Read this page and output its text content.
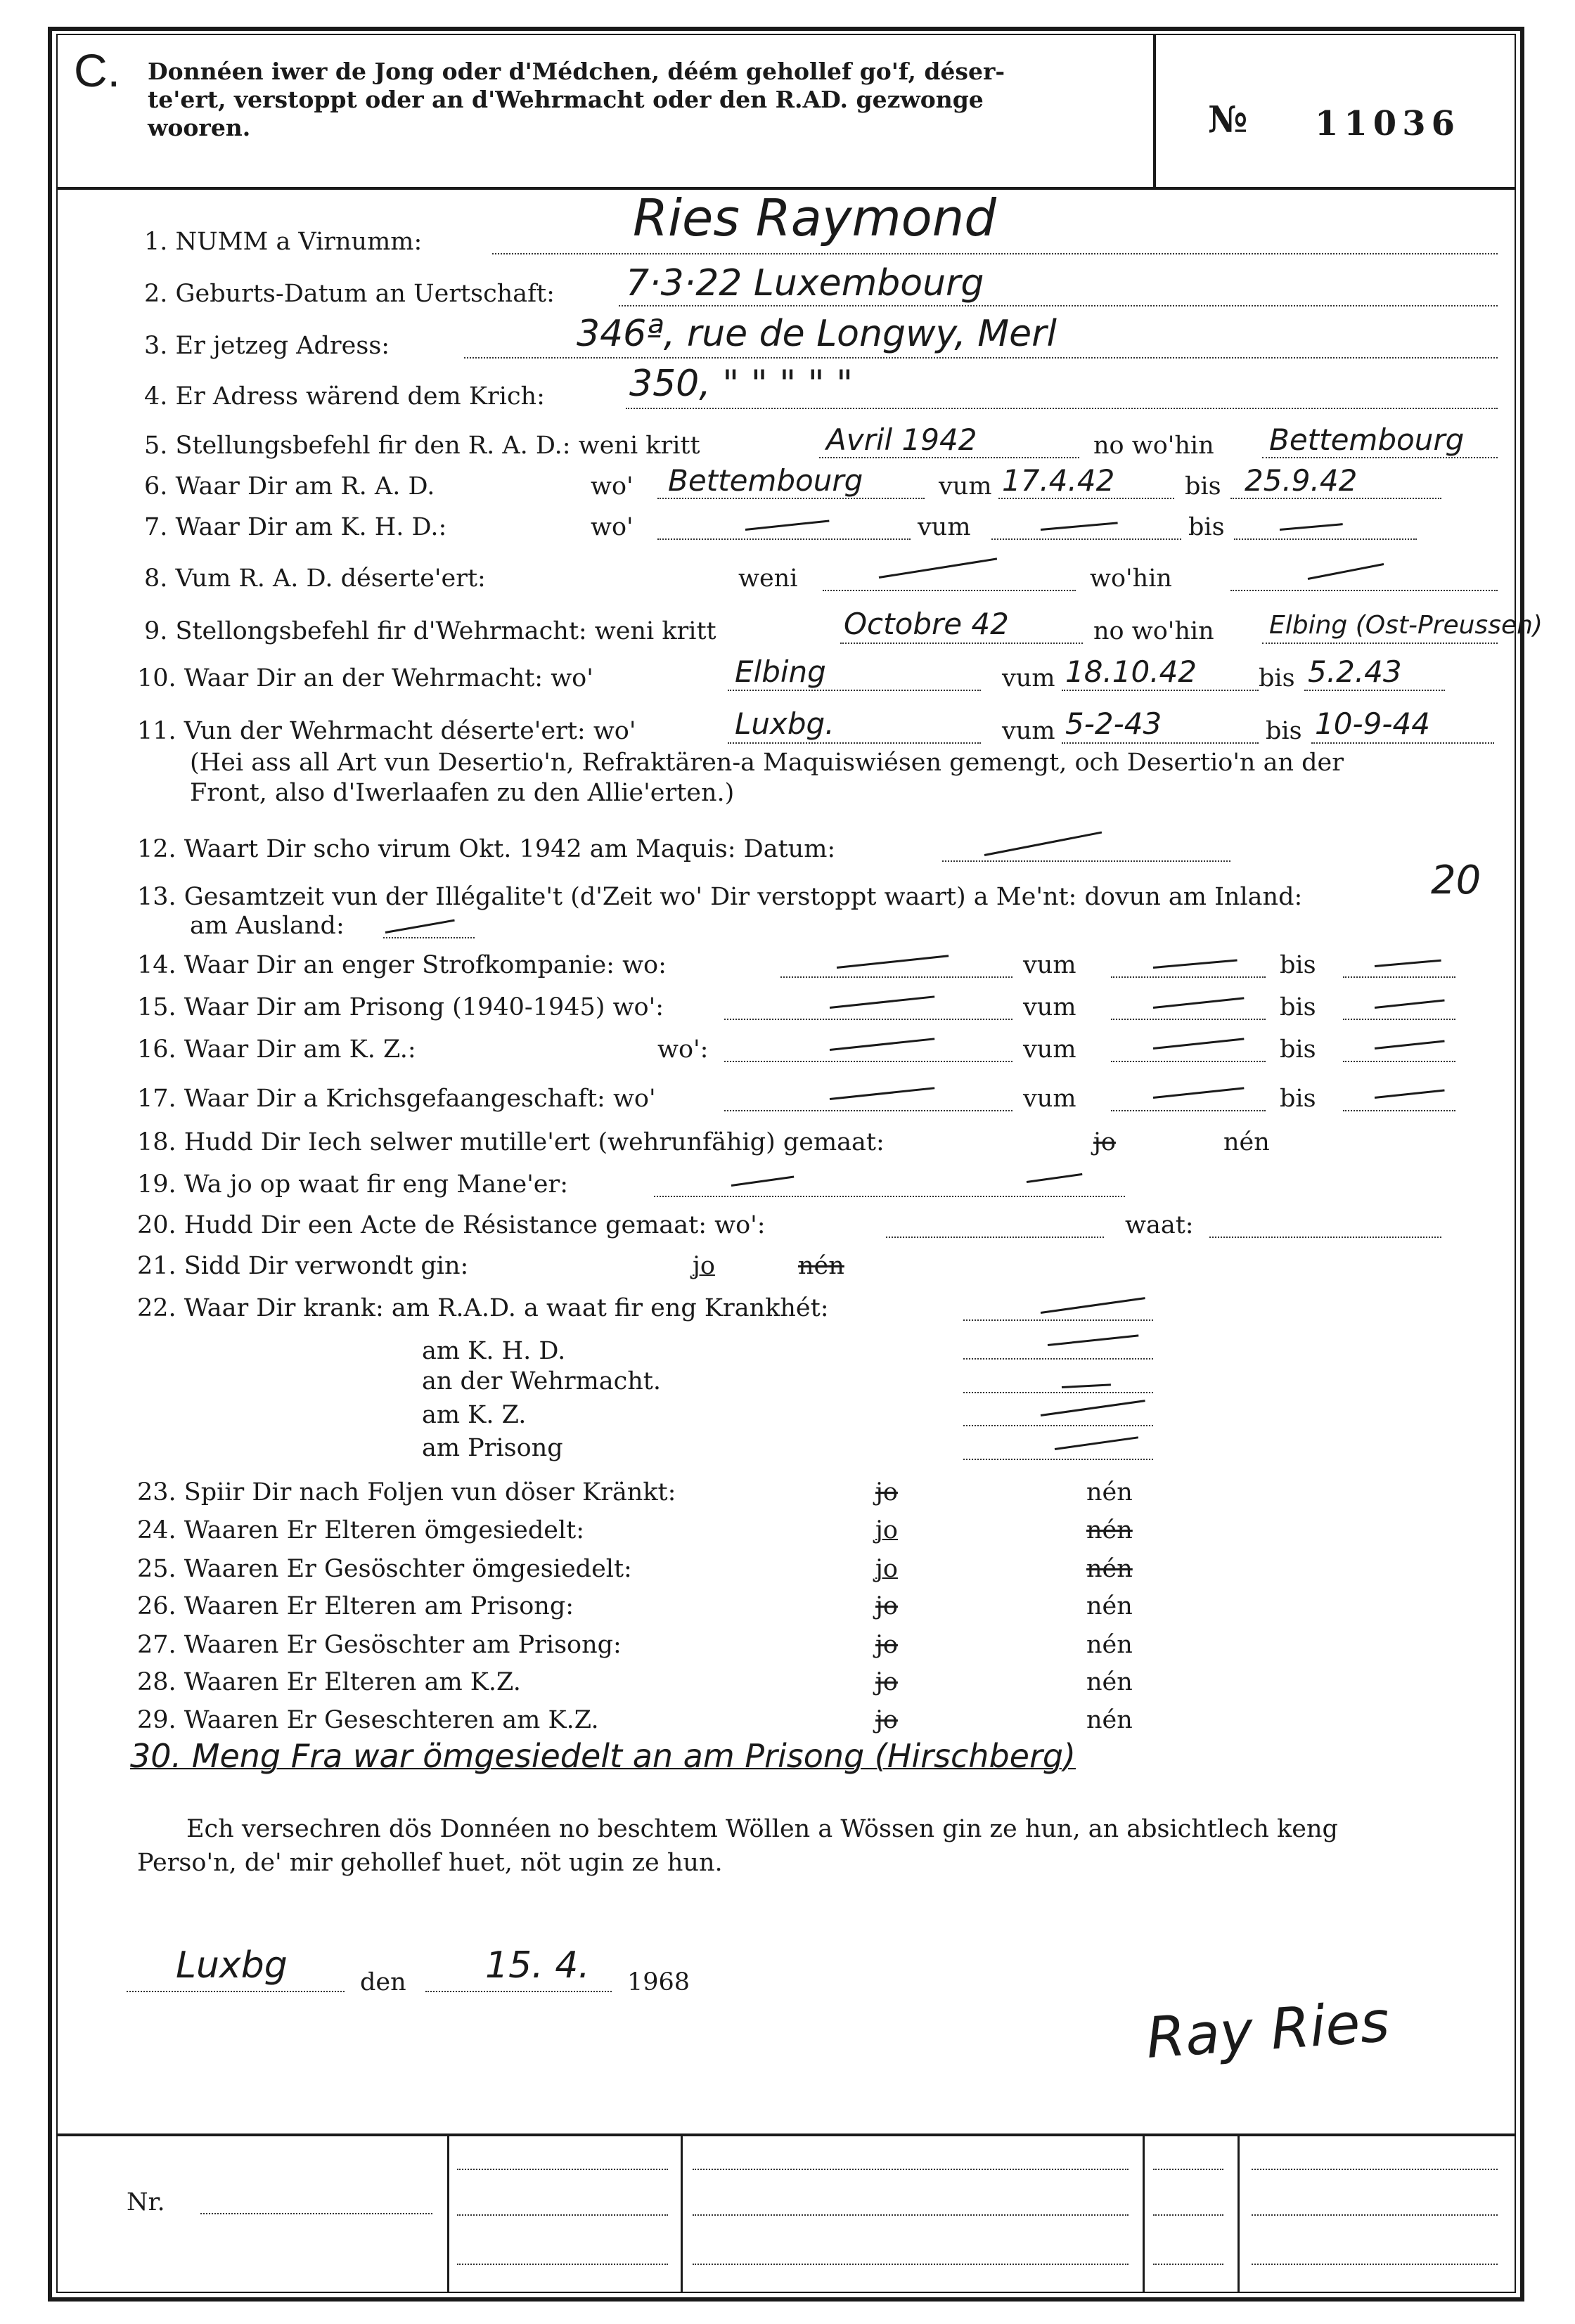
C. Donnéen iwer de Jong oder d'Médchen, déém gehollef go'f, déser-
te'ert, verstoppt oder an d'Wehrmacht oder den R.AD. gezwonge
wooren.	№ 11036
1. NUMM a Virnumm:	Ries Raymond
2. Geburts-Datum an Uertschaft: 7·3·22 Luxembourg
3. Er jetzeg Adress:	346ª, rue de Longwy, Merl
4. Er Adress wärend dem Krich: 350, " " " " "
5. Stellungsbefehl fir den R. A. D.: weni kritt	Avril 1942	no wo'hin Bettembourg
6. Waar Dir am R. A. D.	wo' Bettembourg	vum 17.4.42	bis 25.9.42
7. Waar Dir am K. H. D.:	wo'	vum	bis
8. Vum R. A. D. déserte'ert:	weni	wo'hin
9. Stellongsbefehl fir d'Wehrmacht: weni kritt	Octobre 42	no wo'hin Elbing (Ost-Preussen)
10. Waar Dir an der Wehrmacht: wo'	Elbing	vum 18.10.42	bis 5.2.43
11. Vun der Wehrmacht déserte'ert: wo'	Luxbg.	vum 5-2-43	bis 10-9-44
(Hei ass all Art vun Desertio'n, Refraktären-a Maquiswiésen gemengt, och Desertio'n an der
Front, also d'Iwerlaafen zu den Allie'erten.)
12. Waart Dir scho virum Okt. 1942 am Maquis: Datum:
13. Gesamtzeit vun der Illégalite't (d'Zeit wo' Dir verstoppt waart) a Me'nt: dovun am Inland:	20
am Ausland:
14. Waar Dir an enger Strofkompanie: wo:	vum	bis
15. Waar Dir am Prisong (1940-1945) wo':	vum	bis
16. Waar Dir am K. Z.:	wo':	vum	bis
17. Waar Dir a Krichsgefaangeschaft: wo'	vum	bis
18. Hudd Dir Iech selwer mutille'ert (wehrunfähig) gemaat:	jo	nén
19. Wa jo op waat fir eng Mane'er:
20. Hudd Dir een Acte de Résistance gemaat: wo':	waat:
21. Sidd Dir verwondt gin:	jo	nén
22. Waar Dir krank: am R.A.D. a waat fir eng Krankhét:
am K. H. D.
an der Wehrmacht.
am K. Z.
am Prisong
23. Spiir Dir nach Foljen vun döser Kränkt:	jo	nén
24. Waaren Er Elteren ömgesiedelt:	jo	nén
25. Waaren Er Gesöschter ömgesiedelt:	jo	nén
26. Waaren Er Elteren am Prisong:	jo	nén
27. Waaren Er Gesöschter am Prisong:	jo	nén
28. Waaren Er Elteren am K.Z.	jo	nén
29. Waaren Er Geseschteren am K.Z.	jo	nén
30. Meng Fra war ömgesiedelt an am Prisong (Hirschberg)
Ech versechren dös Donnéen no beschtem Wöllen a Wössen gin ze hun, an absichtlech keng
Perso'n, de' mir gehollef huet, nöt ugin ze hun.
Luxbg	den 15. 4. 1968
Ray Ries
Nr.
